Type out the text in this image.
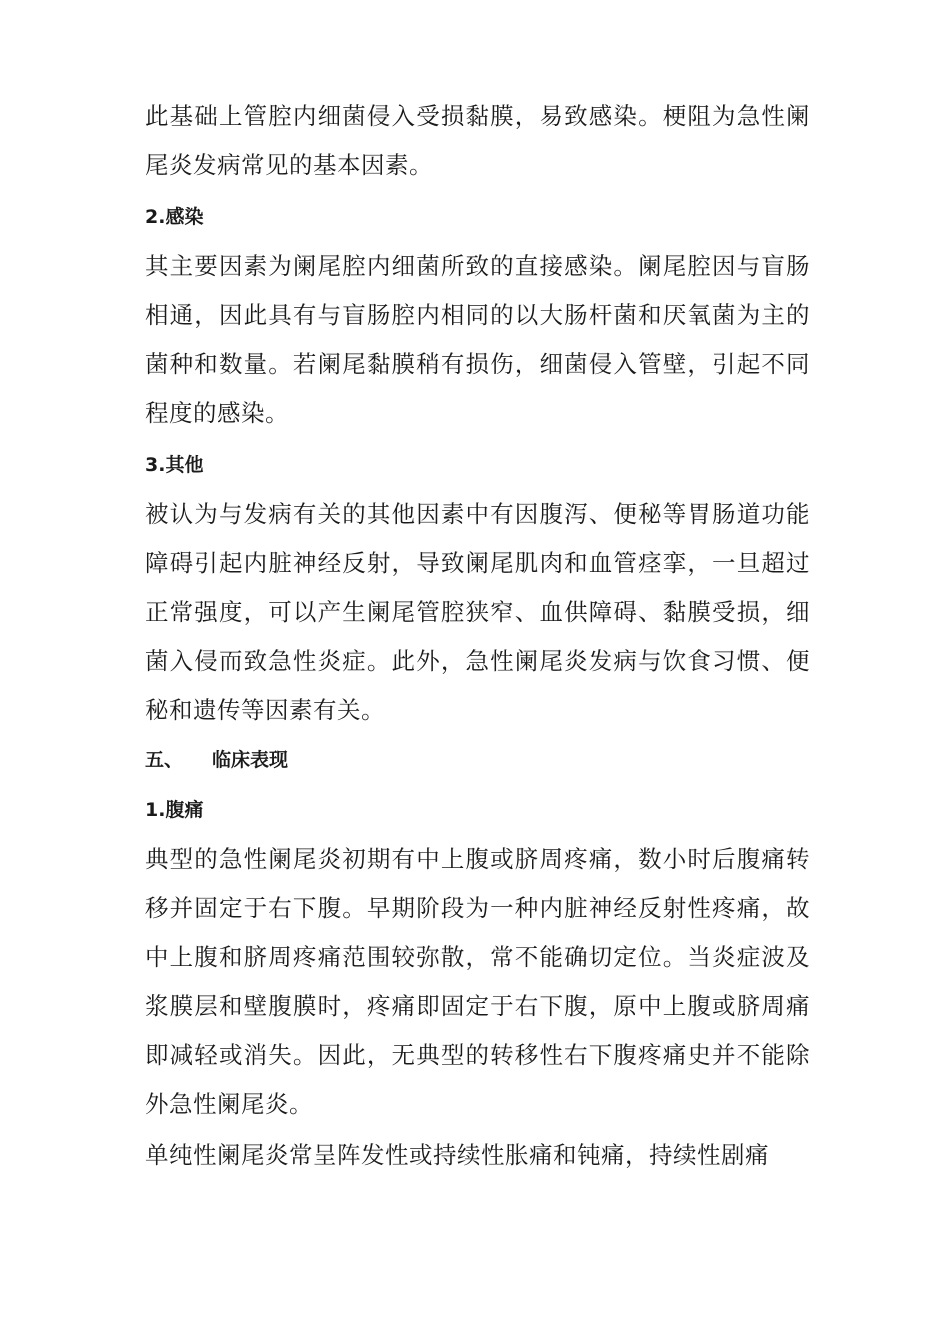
此基础上管腔内细菌侵入受损黏膜，易致感染。梗阻为急性阑尾炎发病常见的基本因素。

2.感染

其主要因素为阑尾腔内细菌所致的直接感染。阑尾腔因与盲肠相通，因此具有与盲肠腔内相同的以大肠杆菌和厌氧菌为主的菌种和数量。若阑尾黏膜稍有损伤，细菌侵入管壁，引起不同程度的感染。

3.其他

被认为与发病有关的其他因素中有因腹泻、便秘等胃肠道功能障碍引起内脏神经反射，导致阑尾肌肉和血管痉挛，一旦超过正常强度，可以产生阑尾管腔狭窄、血供障碍、黏膜受损，细菌入侵而致急性炎症。此外，急性阑尾炎发病与饮食习惯、便秘和遗传等因素有关。

五、	临床表现
1.腹痛

典型的急性阑尾炎初期有中上腹或脐周疼痛，数小时后腹痛转移并固定于右下腹。早期阶段为一种内脏神经反射性疼痛，故中上腹和脐周疼痛范围较弥散，常不能确切定位。当炎症波及浆膜层和壁腹膜时，疼痛即固定于右下腹，原中上腹或脐周痛即减轻或消失。因此，无典型的转移性右下腹疼痛史并不能除外急性阑尾炎。

单纯性阑尾炎常呈阵发性或持续性胀痛和钝痛，持续性剧痛
